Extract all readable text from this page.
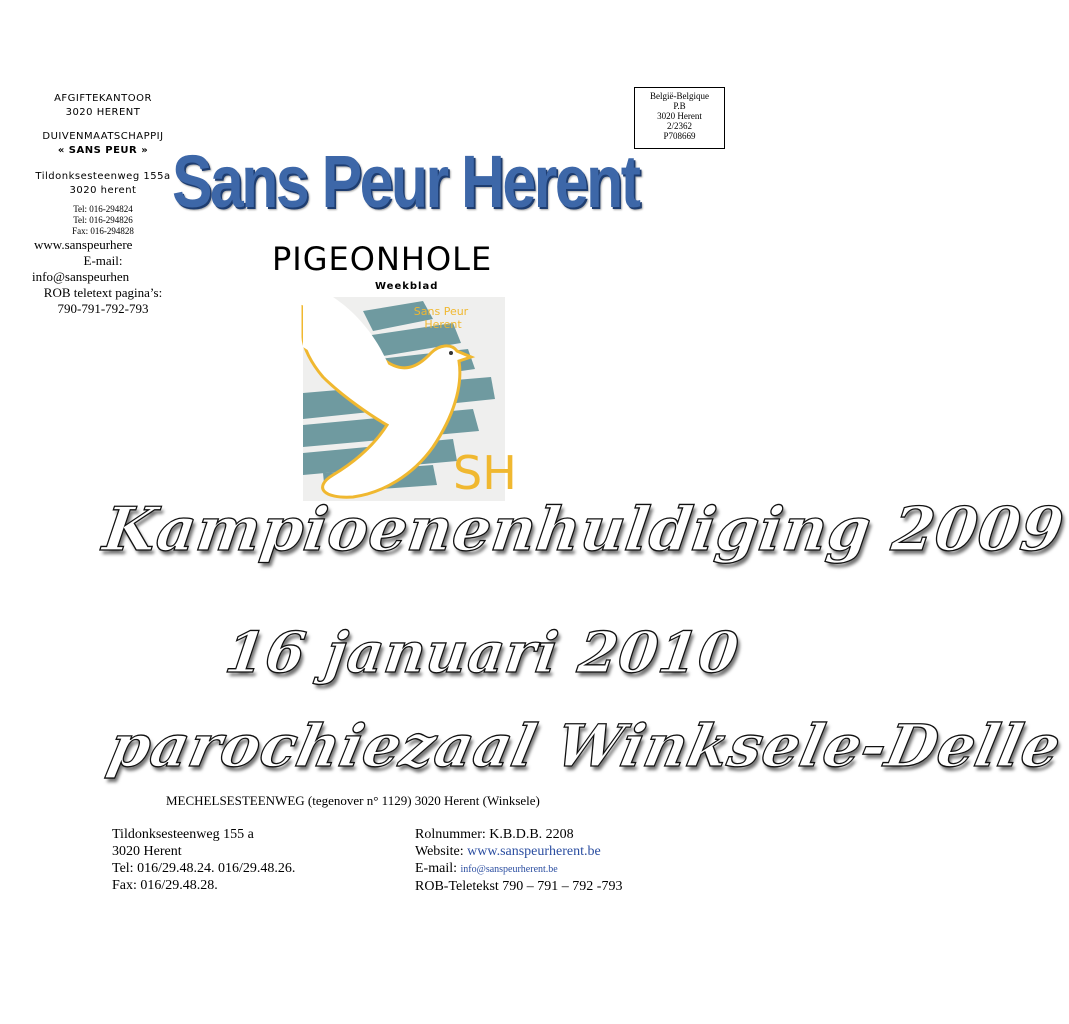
AFGIFTEKANTOOR
3020 HERENT
DUIVENMAATSCHAPPIJ
« SANS PEUR »
Tildonksesteenweg 155a
3020 herent
Tel: 016-294824
Tel: 016-294826
Fax: 016-294828
www.sanspeurhere
E-mail:
info@sanspeurhen
ROB teletext pagina’s:
790-791-792-793
België-Belgique
P.B
3020 Herent
2/2362
P708669
Sans Peur Herent
PIGEONHOLE
Weekblad
Sans Peur
Herent
SH
Kampioenenhuldiging 2009
16 januari 2010
parochiezaal Winksele-Delle
MECHELSESTEENWEG (tegenover n° 1129) 3020 Herent (Winksele)
Tildonksesteenweg 155 a
3020 Herent
Tel: 016/29.48.24. 016/29.48.26.
Fax: 016/29.48.28.
Rolnummer: K.B.D.B. 2208
Website: www.sanspeurherent.be
E-mail: info@sanspeurherent.be
ROB-Teletekst 790 – 791 – 792 -793
